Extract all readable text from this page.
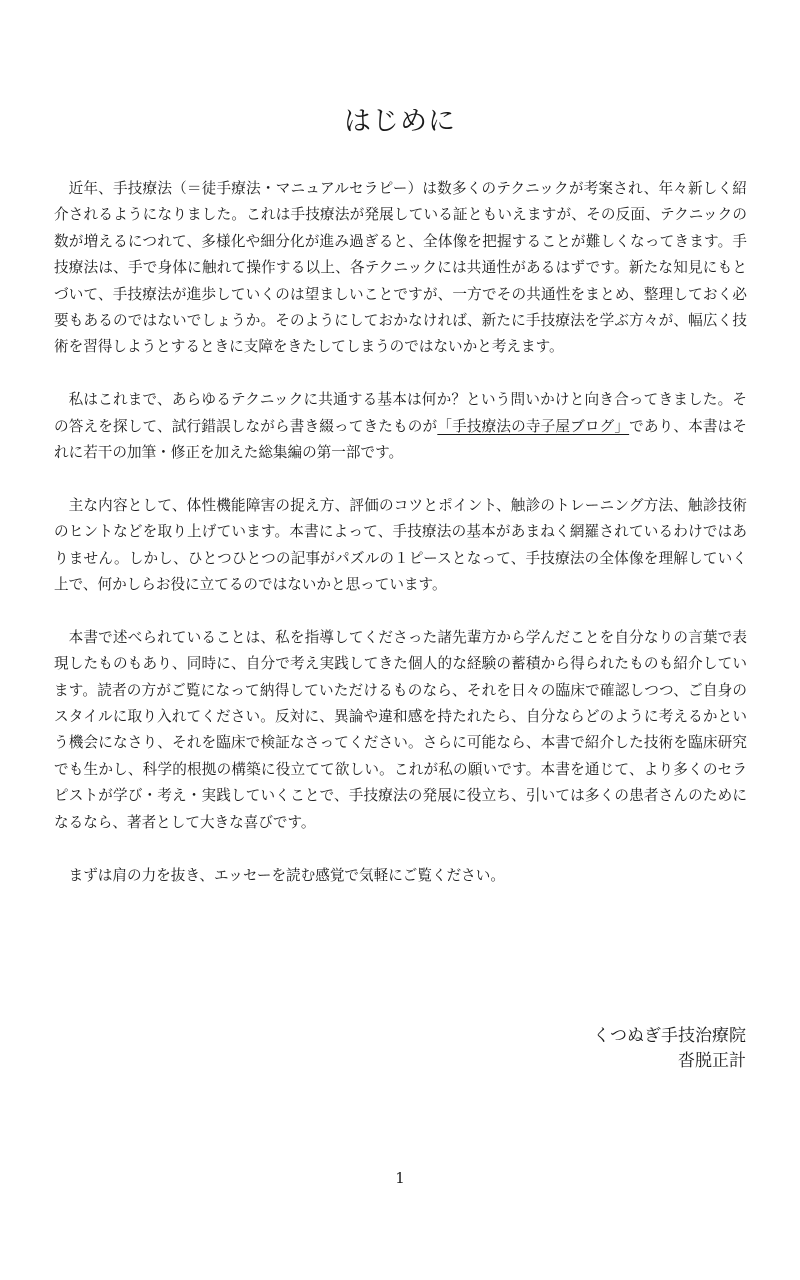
はじめに

近年、手技療法（＝徒手療法・マニュアルセラピー）は数多くのテクニックが考案され、年々新しく紹介されるようになりました。これは手技療法が発展している証ともいえますが、その反面、テクニックの数が増えるにつれて、多様化や細分化が進み過ぎると、全体像を把握することが難しくなってきます。手技療法は、手で身体に触れて操作する以上、各テクニックには共通性があるはずです。新たな知見にもとづいて、手技療法が進歩していくのは望ましいことですが、一方でその共通性をまとめ、整理しておく必要もあるのではないでしょうか。そのようにしておかなければ、新たに手技療法を学ぶ方々が、幅広く技術を習得しようとするときに支障をきたしてしまうのではないかと考えます。

私はこれまで、あらゆるテクニックに共通する基本は何か？という問いかけと向き合ってきました。その答えを探して、試行錯誤しながら書き綴ってきたものが「手技療法の寺子屋ブログ」であり、本書はそれに若干の加筆・修正を加えた総集編の第一部です。

主な内容として、体性機能障害の捉え方、評価のコツとポイント、触診のトレーニング方法、触診技術のヒントなどを取り上げています。本書によって、手技療法の基本があまねく網羅されているわけではありません。しかし、ひとつひとつの記事がパズルの１ピースとなって、手技療法の全体像を理解していく上で、何かしらお役に立てるのではないかと思っています。

本書で述べられていることは、私を指導してくださった諸先輩方から学んだことを自分なりの言葉で表現したものもあり、同時に、自分で考え実践してきた個人的な経験の蓄積から得られたものも紹介しています。読者の方がご覧になって納得していただけるものなら、それを日々の臨床で確認しつつ、ご自身のスタイルに取り入れてください。反対に、異論や違和感を持たれたら、自分ならどのように考えるかという機会になさり、それを臨床で検証なさってください。さらに可能なら、本書で紹介した技術を臨床研究でも生かし、科学的根拠の構築に役立てて欲しい。これが私の願いです。本書を通じて、より多くのセラピストが学び・考え・実践していくことで、手技療法の発展に役立ち、引いては多くの患者さんのためになるなら、著者として大きな喜びです。

まずは肩の力を抜き、エッセーを読む感覚で気軽にご覧ください。

くつぬぎ手技治療院
沓脱正計
1
